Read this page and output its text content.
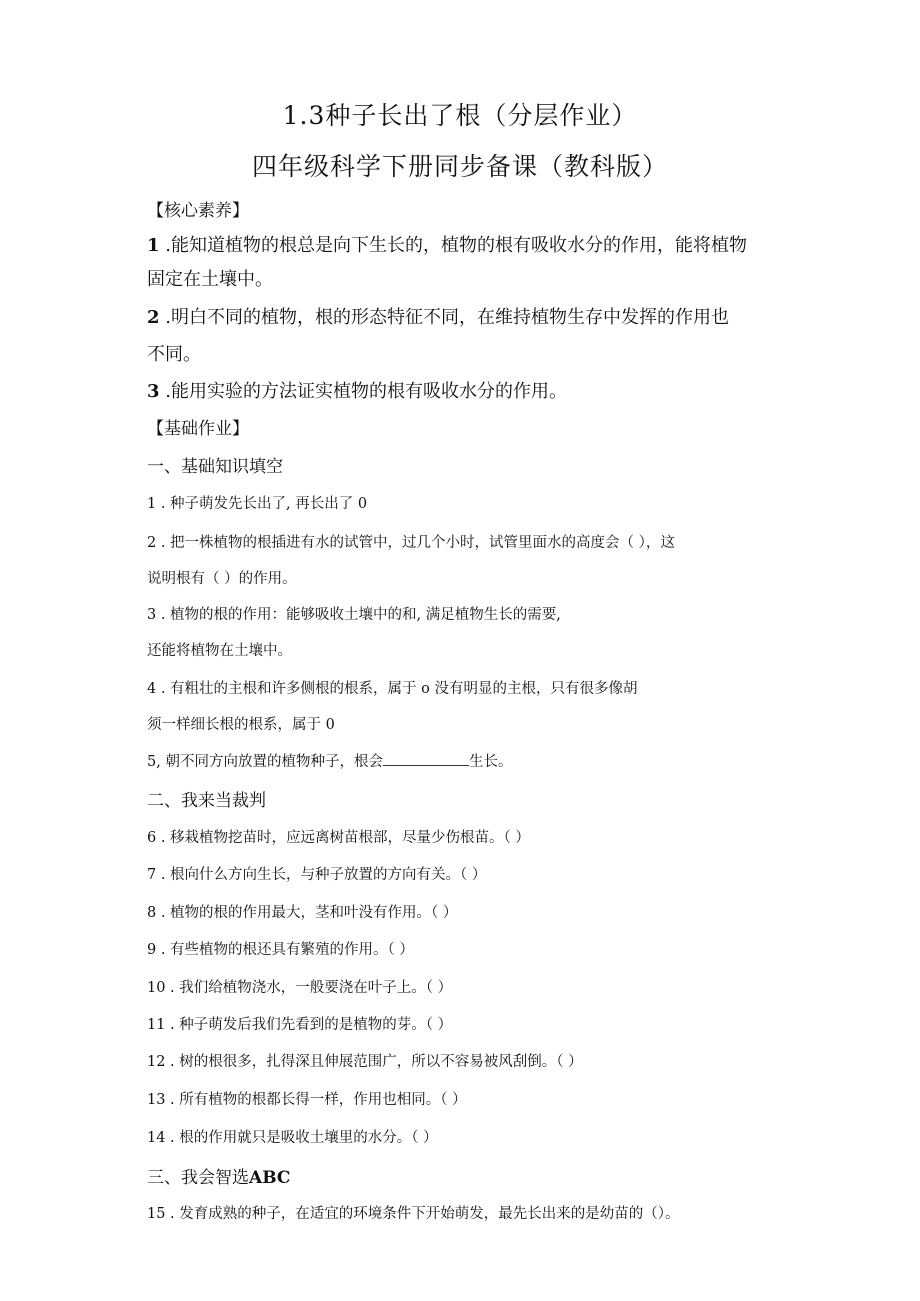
1.3种子长出了根（分层作业）
四年级科学下册同步备课（教科版）
【核心素养】
1 .能知道植物的根总是向下生长的，植物的根有吸收水分的作用，能将植物
固定在土壤中。
2 .明白不同的植物，根的形态特征不同，在维持植物生存中发挥的作用也
不同。
3 .能用实验的方法证实植物的根有吸收水分的作用。
【基础作业】
一、基础知识填空
1 . 种子萌发先长出了, 再长出了 0
2 . 把一株植物的根插进有水的试管中，过几个小时，试管里面水的高度会（ ），这
说明根有（ ）的作用。
3 . 植物的根的作用：能够吸收土壤中的和, 满足植物生长的需要,
还能将植物在土壤中。
4 . 有粗壮的主根和许多侧根的根系，属于 o 没有明显的主根，只有很多像胡
须一样细长根的根系，属于 0
5, 朝不同方向放置的植物种子，根会	生长。
二、我来当裁判
6 . 移栽植物挖苗时，应远离树苗根部，尽量少伤根苗。（ ）
7 . 根向什么方向生长，与种子放置的方向有关。（ ）
8 . 植物的根的作用最大，茎和叶没有作用。（ ）
9 . 有些植物的根还具有繁殖的作用。（ ）
10 . 我们给植物浇水，一般要浇在叶子上。（ ）
11 . 种子萌发后我们先看到的是植物的芽。（ ）
12 . 树的根很多，扎得深且伸展范围广，所以不容易被风刮倒。（ ）
13 . 所有植物的根都长得一样，作用也相同。（ ）
14 . 根的作用就只是吸收土壤里的水分。（ ）
三、我会智选ABC
15 . 发育成熟的种子，在适宜的环境条件下开始萌发，最先长出来的是幼苗的（）。
